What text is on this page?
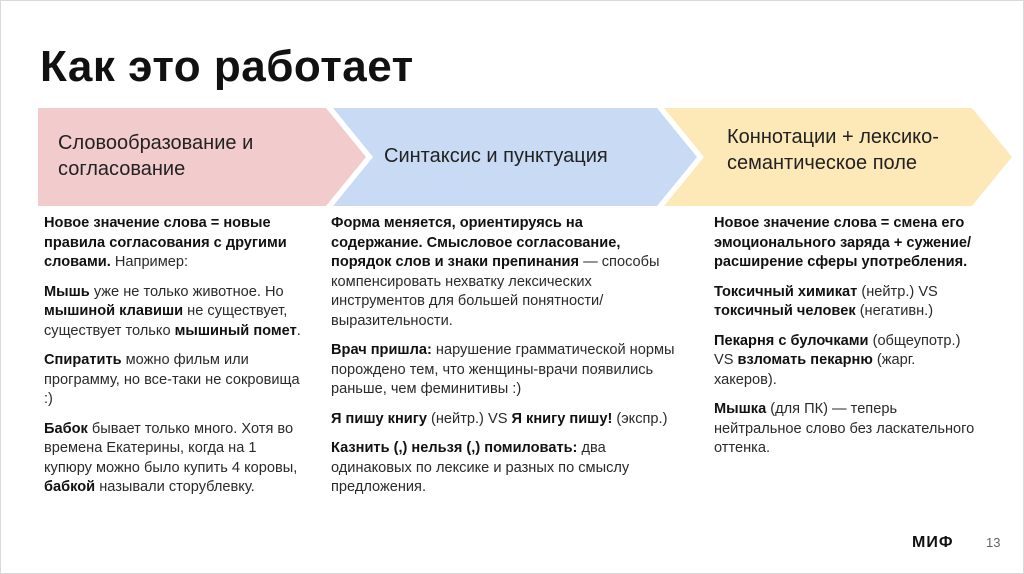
Как это работает
Словообразование и
согласование
Синтаксис и пунктуация
Коннотации + лексико-
семантическое поле

Новое значение слова = новые правила согласования с другими словами. Например:

Мышь уже не только животное. Но мышиной клавиши не существует, существует только мышиный помет.

Спиратить можно фильм или программу, но все-таки не сокровища :)

Бабок бывает только много. Хотя во времена Екатерины, когда на 1 купюру можно было купить 4 коровы, бабкой называли сторублевку.

Форма меняется, ориентируясь на содержание. Смысловое согласование, порядок слов и знаки препинания — способы компенсировать нехватку лексических инструментов для большей понятности/выразительности.

Врач пришла: нарушение грамматической нормы порождено тем, что женщины-врачи появились раньше, чем феминитивы :)

Я пишу книгу (нейтр.) VS Я книгу пишу! (экспр.)

Казнить (,) нельзя (,) помиловать: два одинаковых по лексике и разных по смыслу предложения.

Новое значение слова = смена его эмоционального заряда + сужение/расширение сферы употребления.

Токсичный химикат (нейтр.) VS токсичный человек (негативн.)

Пекарня с булочками (общеупотр.) VS взломать пекарню (жарг. хакеров).

Мышка (для ПК) — теперь нейтральное слово без ласкательного оттенка.

МИФ	13
